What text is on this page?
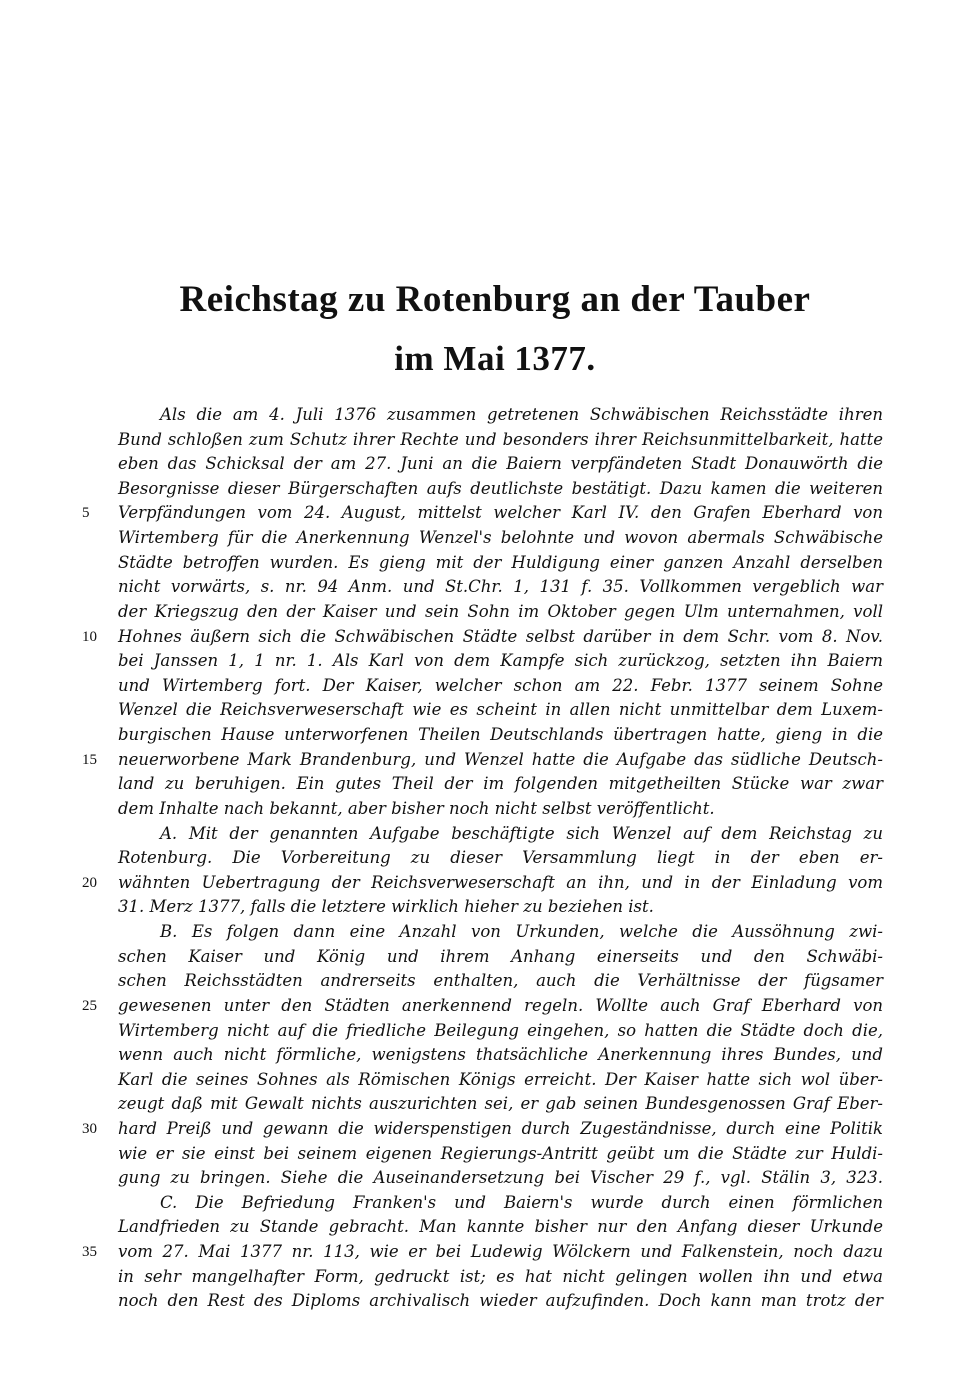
Reichstag zu Rotenburg an der Tauber
im Mai 1377.
Als die am 4. Juli 1376 zusammen getretenen Schwäbischen Reichsstädte ihren
Bund schloßen zum Schutz ihrer Rechte und besonders ihrer Reichsunmittelbarkeit, hatte
eben das Schicksal der am 27. Juni an die Baiern verpfändeten Stadt Donauwörth die
Besorgnisse dieser Bürgerschaften aufs deutlichste bestätigt. Dazu kamen die weiteren
Verpfändungen vom 24. August, mittelst welcher Karl IV. den Grafen Eberhard von
5
Wirtemberg für die Anerkennung Wenzel's belohnte und wovon abermals Schwäbische
Städte betroffen wurden. Es gieng mit der Huldigung einer ganzen Anzahl derselben
nicht vorwärts, s. nr. 94 Anm. und St.Chr. 1, 131 f. 35. Vollkommen vergeblich war
der Kriegszug den der Kaiser und sein Sohn im Oktober gegen Ulm unternahmen, voll
Hohnes äußern sich die Schwäbischen Städte selbst darüber in dem Schr. vom 8. Nov.
10
bei Janssen 1, 1 nr. 1. Als Karl von dem Kampfe sich zurückzog, setzten ihn Baiern
und Wirtemberg fort. Der Kaiser, welcher schon am 22. Febr. 1377 seinem Sohne
Wenzel die Reichsverweserschaft wie es scheint in allen nicht unmittelbar dem Luxem-
burgischen Hause unterworfenen Theilen Deutschlands übertragen hatte, gieng in die
neuerworbene Mark Brandenburg, und Wenzel hatte die Aufgabe das südliche Deutsch-
15
land zu beruhigen. Ein gutes Theil der im folgenden mitgetheilten Stücke war zwar
dem Inhalte nach bekannt, aber bisher noch nicht selbst veröffentlicht.
A. Mit der genannten Aufgabe beschäftigte sich Wenzel auf dem Reichstag zu
Rotenburg. Die Vorbereitung zu dieser Versammlung liegt in der eben er-
wähnten Uebertragung der Reichsverweserschaft an ihn, und in der Einladung vom
20
31. Merz 1377, falls die letztere wirklich hieher zu beziehen ist.
B. Es folgen dann eine Anzahl von Urkunden, welche die Aussöhnung zwi-
schen Kaiser und König und ihrem Anhang einerseits und den Schwäbi-
schen Reichsstädten andrerseits enthalten, auch die Verhältnisse der fügsamer
gewesenen unter den Städten anerkennend regeln. Wollte auch Graf Eberhard von
25
Wirtemberg nicht auf die friedliche Beilegung eingehen, so hatten die Städte doch die,
wenn auch nicht förmliche, wenigstens thatsächliche Anerkennung ihres Bundes, und
Karl die seines Sohnes als Römischen Königs erreicht. Der Kaiser hatte sich wol über-
zeugt daß mit Gewalt nichts auszurichten sei, er gab seinen Bundesgenossen Graf Eber-
hard Preiß und gewann die widerspenstigen durch Zugeständnisse, durch eine Politik
30
wie er sie einst bei seinem eigenen Regierungs-Antritt geübt um die Städte zur Huldi-
gung zu bringen. Siehe die Auseinandersetzung bei Vischer 29 f., vgl. Stälin 3, 323.
C. Die Befriedung Franken's und Baiern's wurde durch einen förmlichen
Landfrieden zu Stande gebracht. Man kannte bisher nur den Anfang dieser Urkunde
vom 27. Mai 1377 nr. 113, wie er bei Ludewig Wölckern und Falkenstein, noch dazu
35
in sehr mangelhafter Form, gedruckt ist; es hat nicht gelingen wollen ihn und etwa
noch den Rest des Diploms archivalisch wieder aufzufinden. Doch kann man trotz der
